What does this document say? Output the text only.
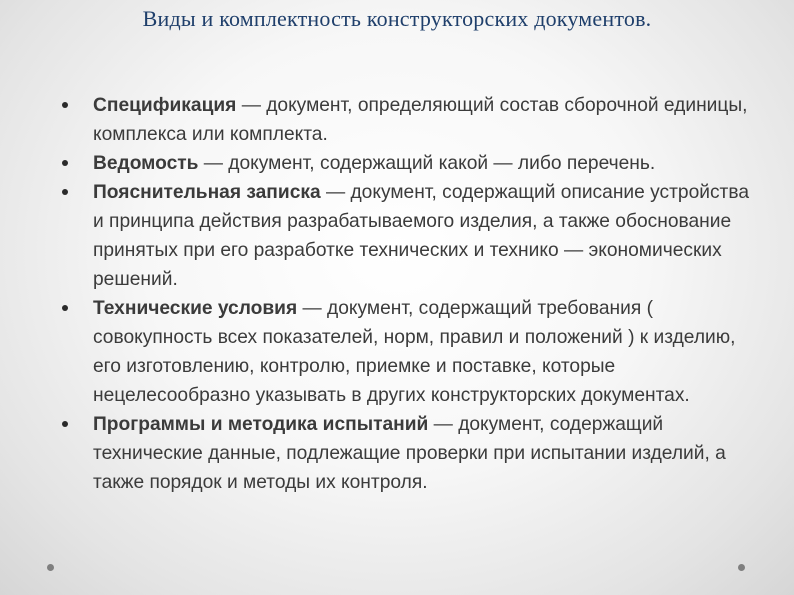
Виды и комплектность конструкторских документов.
Спецификация — документ, определяющий состав сборочной единицы, комплекса или комплекта.
Ведомость — документ, содержащий какой — либо перечень.
Пояснительная записка — документ, содержащий описание устройства и принципа действия разрабатываемого изделия, а также обоснование принятых при его разработке технических и технико — экономических решений.
Технические условия — документ, содержащий требования ( совокупность всех показателей, норм, правил и положений ) к изделию, его изготовлению, контролю, приемке и поставке, которые нецелесообразно указывать в других конструкторских документах.
Программы и методика испытаний — документ, содержащий технические данные, подлежащие проверки при испытании изделий, а также порядок и методы их контроля.
